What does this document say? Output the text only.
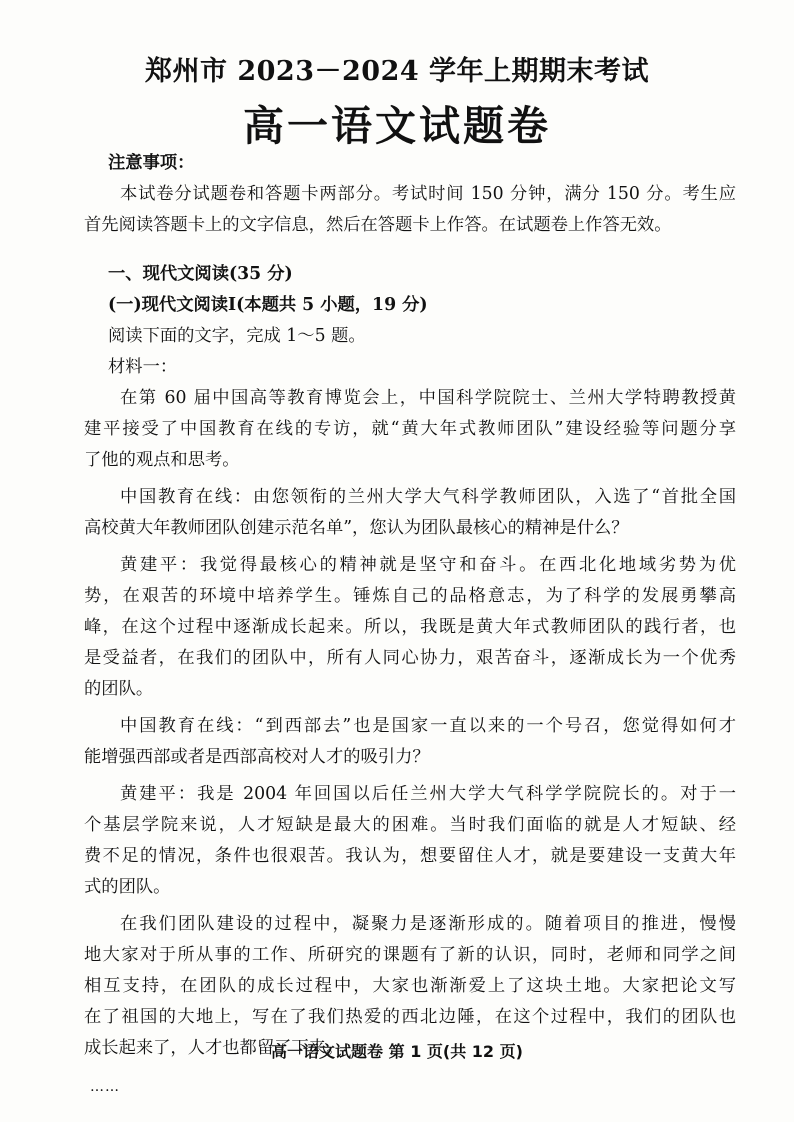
郑州市 2023－2024 学年上期期末考试
高一语文试题卷
注意事项：
本试卷分试题卷和答题卡两部分。考试时间 150 分钟，满分 150 分。考生应
首先阅读答题卡上的文字信息，然后在答题卡上作答。在试题卷上作答无效。
一、现代文阅读(35 分)
(一)现代文阅读Ⅰ(本题共 5 小题，19 分)
阅读下面的文字，完成 1～5 题。
材料一：
在第 60 届中国高等教育博览会上，中国科学院院士、兰州大学特聘教授黄
建平接受了中国教育在线的专访，就“黄大年式教师团队”建设经验等问题分享
了他的观点和思考。
中国教育在线：由您领衔的兰州大学大气科学教师团队，入选了“首批全国
高校黄大年教师团队创建示范名单”，您认为团队最核心的精神是什么？
黄建平：我觉得最核心的精神就是坚守和奋斗。在西北化地域劣势为优
势，在艰苦的环境中培养学生。锤炼自己的品格意志，为了科学的发展勇攀高
峰，在这个过程中逐渐成长起来。所以，我既是黄大年式教师团队的践行者，也
是受益者，在我们的团队中，所有人同心协力，艰苦奋斗，逐渐成长为一个优秀
的团队。
中国教育在线：“到西部去”也是国家一直以来的一个号召，您觉得如何才
能增强西部或者是西部高校对人才的吸引力？
黄建平：我是 2004 年回国以后任兰州大学大气科学学院院长的。对于一
个基层学院来说，人才短缺是最大的困难。当时我们面临的就是人才短缺、经
费不足的情况，条件也很艰苦。我认为，想要留住人才，就是要建设一支黄大年
式的团队。
在我们团队建设的过程中，凝聚力是逐渐形成的。随着项目的推进，慢慢
地大家对于所从事的工作、所研究的课题有了新的认识，同时，老师和同学之间
相互支持，在团队的成长过程中，大家也渐渐爱上了这块土地。大家把论文写
在了祖国的大地上，写在了我们热爱的西北边陲，在这个过程中，我们的团队也
成长起来了，人才也都留了下来。
……
高一语文试题卷 第 1 页(共 12 页)
